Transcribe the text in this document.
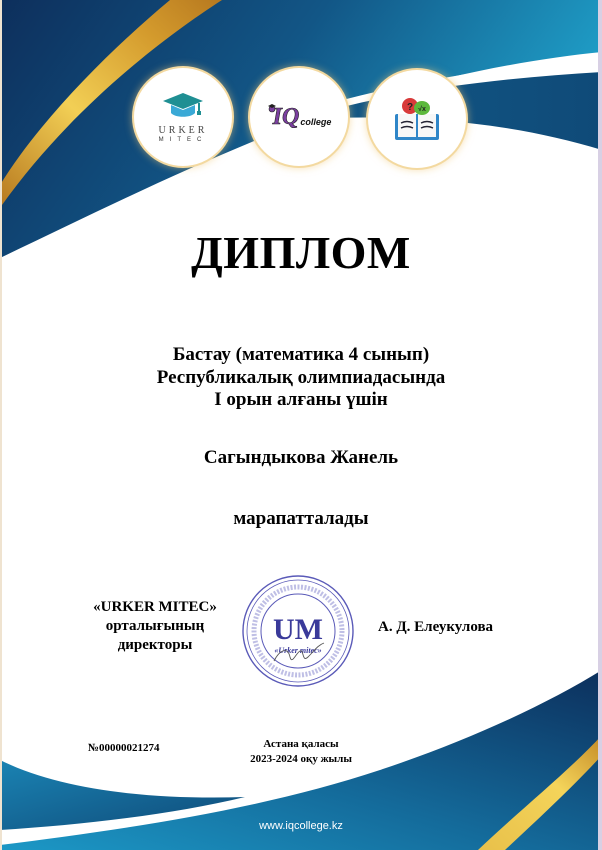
URKER
MITEC
IQ college
? √x
ДИПЛОМ
Бастау (математика 4 сынып)
Республикалық олимпиадасында
I орын алғаны үшін
Сагындыкова Жанель
марапатталады
«URKER MITEC»
орталығының
директоры
А. Д. Елеукулова
№00000021274	Астана қаласы
2023-2024 оқу жылы
UM
«Urker mitec»
www.iqcollege.kz
